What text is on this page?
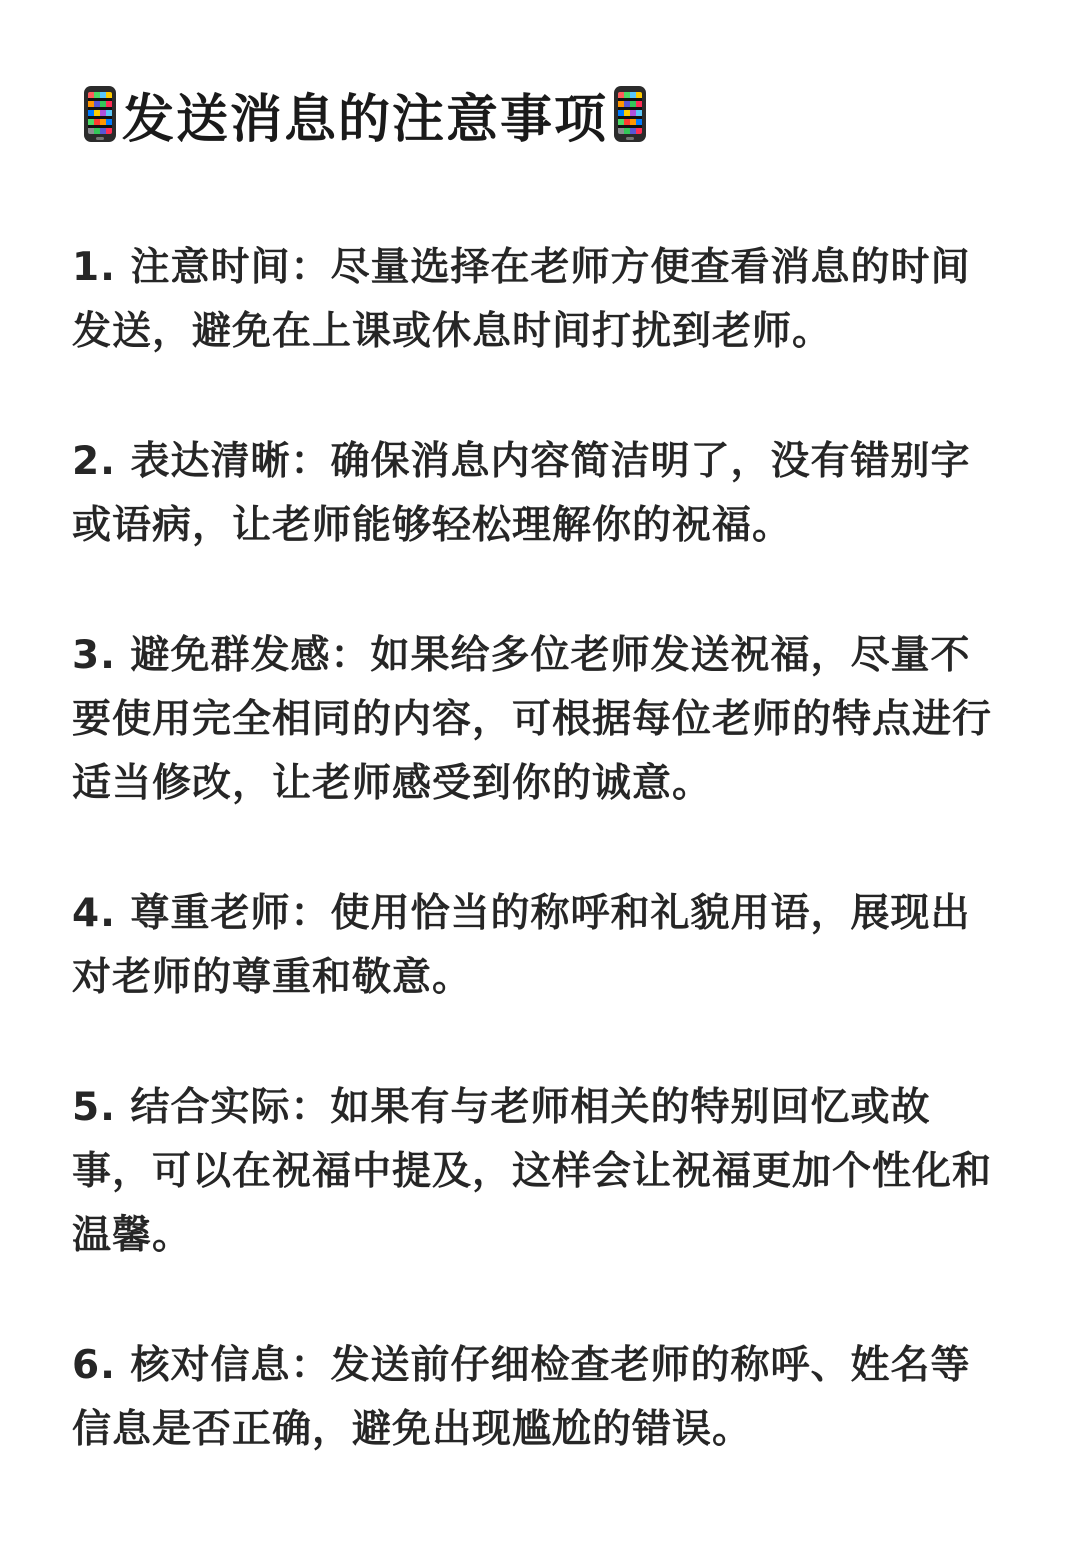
发送消息的注意事项

1. 注意时间：尽量选择在老师方便查看消息的时间发送，避免在上课或休息时间打扰到老师。

2. 表达清晰：确保消息内容简洁明了，没有错别字或语病，让老师能够轻松理解你的祝福。

3. 避免群发感：如果给多位老师发送祝福，尽量不要使用完全相同的内容，可根据每位老师的特点进行适当修改，让老师感受到你的诚意。

4. 尊重老师：使用恰当的称呼和礼貌用语，展现出对老师的尊重和敬意。

5. 结合实际：如果有与老师相关的特别回忆或故事，可以在祝福中提及，这样会让祝福更加个性化和温馨。

6. 核对信息：发送前仔细检查老师的称呼、姓名等信息是否正确，避免出现尴尬的错误。
